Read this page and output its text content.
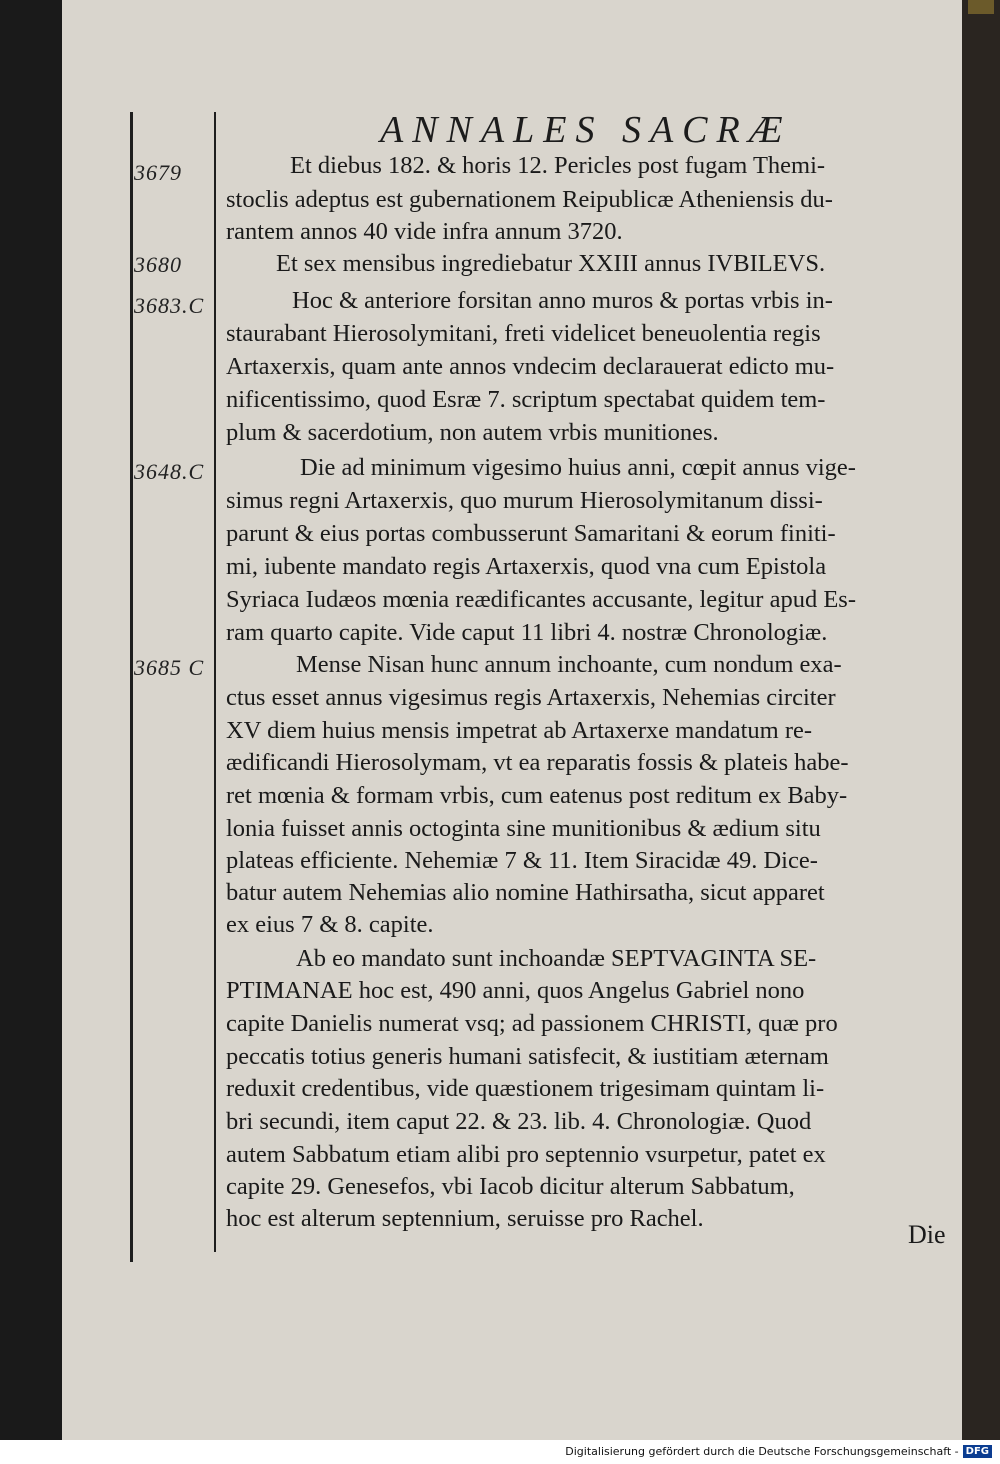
ANNALES SACRÆ
3679
3680
3683.C
3648.C
3685 C
Et diebus 182. & horis 12. Pericles post fugam Themi-
stoclis adeptus est gubernationem Reipublicæ Atheniensis du-
rantem annos 40 vide infra annum 3720.
Et sex mensibus ingrediebatur XXIII annus IVBILEVS.
Hoc & anteriore forsitan anno muros & portas vrbis in-
staurabant Hierosolymitani, freti videlicet beneuolentia regis
Artaxerxis, quam ante annos vndecim declarauerat edicto mu-
nificentissimo, quod Esræ 7. scriptum spectabat quidem tem-
plum & sacerdotium, non autem vrbis munitiones.
Die ad minimum vigesimo huius anni, cœpit annus vige-
simus regni Artaxerxis, quo murum Hierosolymitanum dissi-
parunt & eius portas combusserunt Samaritani & eorum finiti-
mi, iubente mandato regis Artaxerxis, quod vna cum Epistola
Syriaca Iudæos mœnia reædificantes accusante, legitur apud Es-
ram quarto capite. Vide caput 11 libri 4. nostræ Chronologiæ.
Mense Nisan hunc annum inchoante, cum nondum exa-
ctus esset annus vigesimus regis Artaxerxis, Nehemias circiter
XV diem huius mensis impetrat ab Artaxerxe mandatum re-
ædificandi Hierosolymam, vt ea reparatis fossis & plateis habe-
ret mœnia & formam vrbis, cum eatenus post reditum ex Baby-
lonia fuisset annis octoginta sine munitionibus & ædium situ
plateas efficiente. Nehemiæ 7 & 11. Item Siracidæ 49. Dice-
batur autem Nehemias alio nomine Hathirsatha, sicut apparet
ex eius 7 & 8. capite.
Ab eo mandato sunt inchoandæ SEPTVAGINTA SE-
PTIMANAE hoc est, 490 anni, quos Angelus Gabriel nono
capite Danielis numerat vsq; ad passionem CHRISTI, quæ pro
peccatis totius generis humani satisfecit, & iustitiam æternam
reduxit credentibus, vide quæstionem trigesimam quintam li-
bri secundi, item caput 22. & 23. lib. 4. Chronologiæ. Quod
autem Sabbatum etiam alibi pro septennio vsurpetur, patet ex
capite 29. Genesefos, vbi Iacob dicitur alterum Sabbatum,
hoc est alterum septennium, seruisse pro Rachel.
Die
Digitalisierung gefördert durch die Deutsche Forschungsgemeinschaft - DFG
